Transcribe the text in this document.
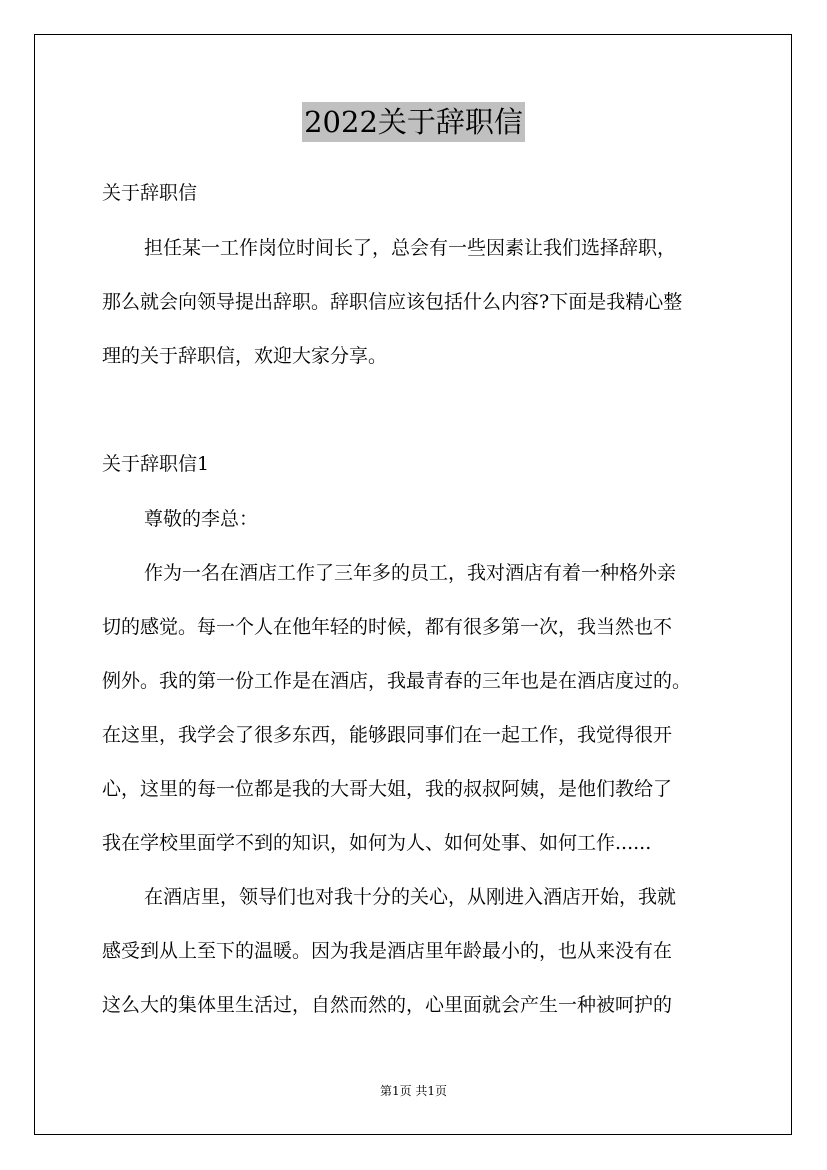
2022关于辞职信
关于辞职信
担任某一工作岗位时间长了，总会有一些因素让我们选择辞职，
那么就会向领导提出辞职。辞职信应该包括什么内容?下面是我精心整
理的关于辞职信，欢迎大家分享。
关于辞职信1
尊敬的李总：
作为一名在酒店工作了三年多的员工，我对酒店有着一种格外亲
切的感觉。每一个人在他年轻的时候，都有很多第一次，我当然也不
例外。我的第一份工作是在酒店，我最青春的三年也是在酒店度过的。
在这里，我学会了很多东西，能够跟同事们在一起工作，我觉得很开
心，这里的每一位都是我的大哥大姐，我的叔叔阿姨，是他们教给了
我在学校里面学不到的知识，如何为人、如何处事、如何工作......
在酒店里，领导们也对我十分的关心，从刚进入酒店开始，我就
感受到从上至下的温暖。因为我是酒店里年龄最小的，也从来没有在
这么大的集体里生活过，自然而然的，心里面就会产生一种被呵护的
第1页 共1页
